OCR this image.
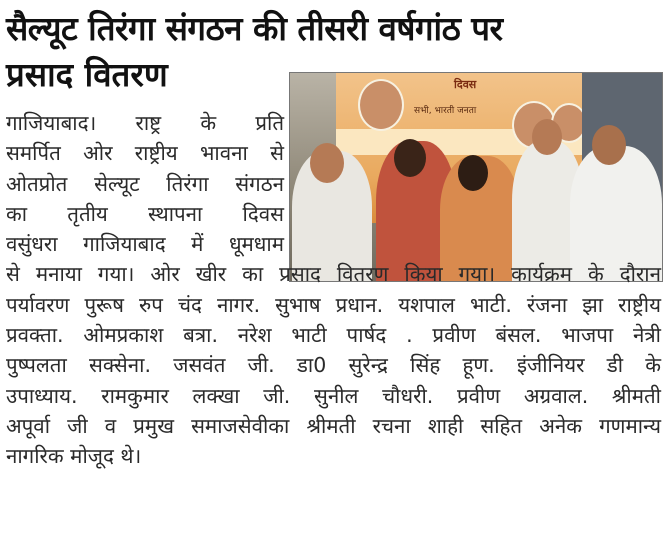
सैल्यूट तिरंगा संगठन की तीसरी वर्षगांठ पर
प्रसाद वितरण	दिवस
सभी, भारती जनता
गाजियाबाद। राष्ट्र के प्रति
समर्पित ओर राष्ट्रीय भावना से
ओतप्रोत सेल्यूट तिरंगा संगठन
का तृतीय स्थापना दिवस
वसुंधरा गाजियाबाद में धूमधाम
से मनाया गया। ओर खीर का प्रसाद वितरण किया गया। कार्यक्रम के दौरान
पर्यावरण पुरूष रुप चंद नागर. सुभाष प्रधान. यशपाल भाटी. रंजना झा राष्ट्रीय
प्रवक्ता. ओमप्रकाश बत्रा. नरेश भाटी पार्षद . प्रवीण बंसल. भाजपा नेत्री
पुष्पलता सक्सेना. जसवंत जी. डा0 सुरेन्द्र सिंह हूण. इंजीनियर डी के
उपाध्याय. रामकुमार लक्खा जी. सुनील चौधरी. प्रवीण अग्रवाल. श्रीमती
अपूर्वा जी व प्रमुख समाजसेवीका श्रीमती रचना शाही सहित अनेक गणमान्य
नागरिक मोजूद थे।
